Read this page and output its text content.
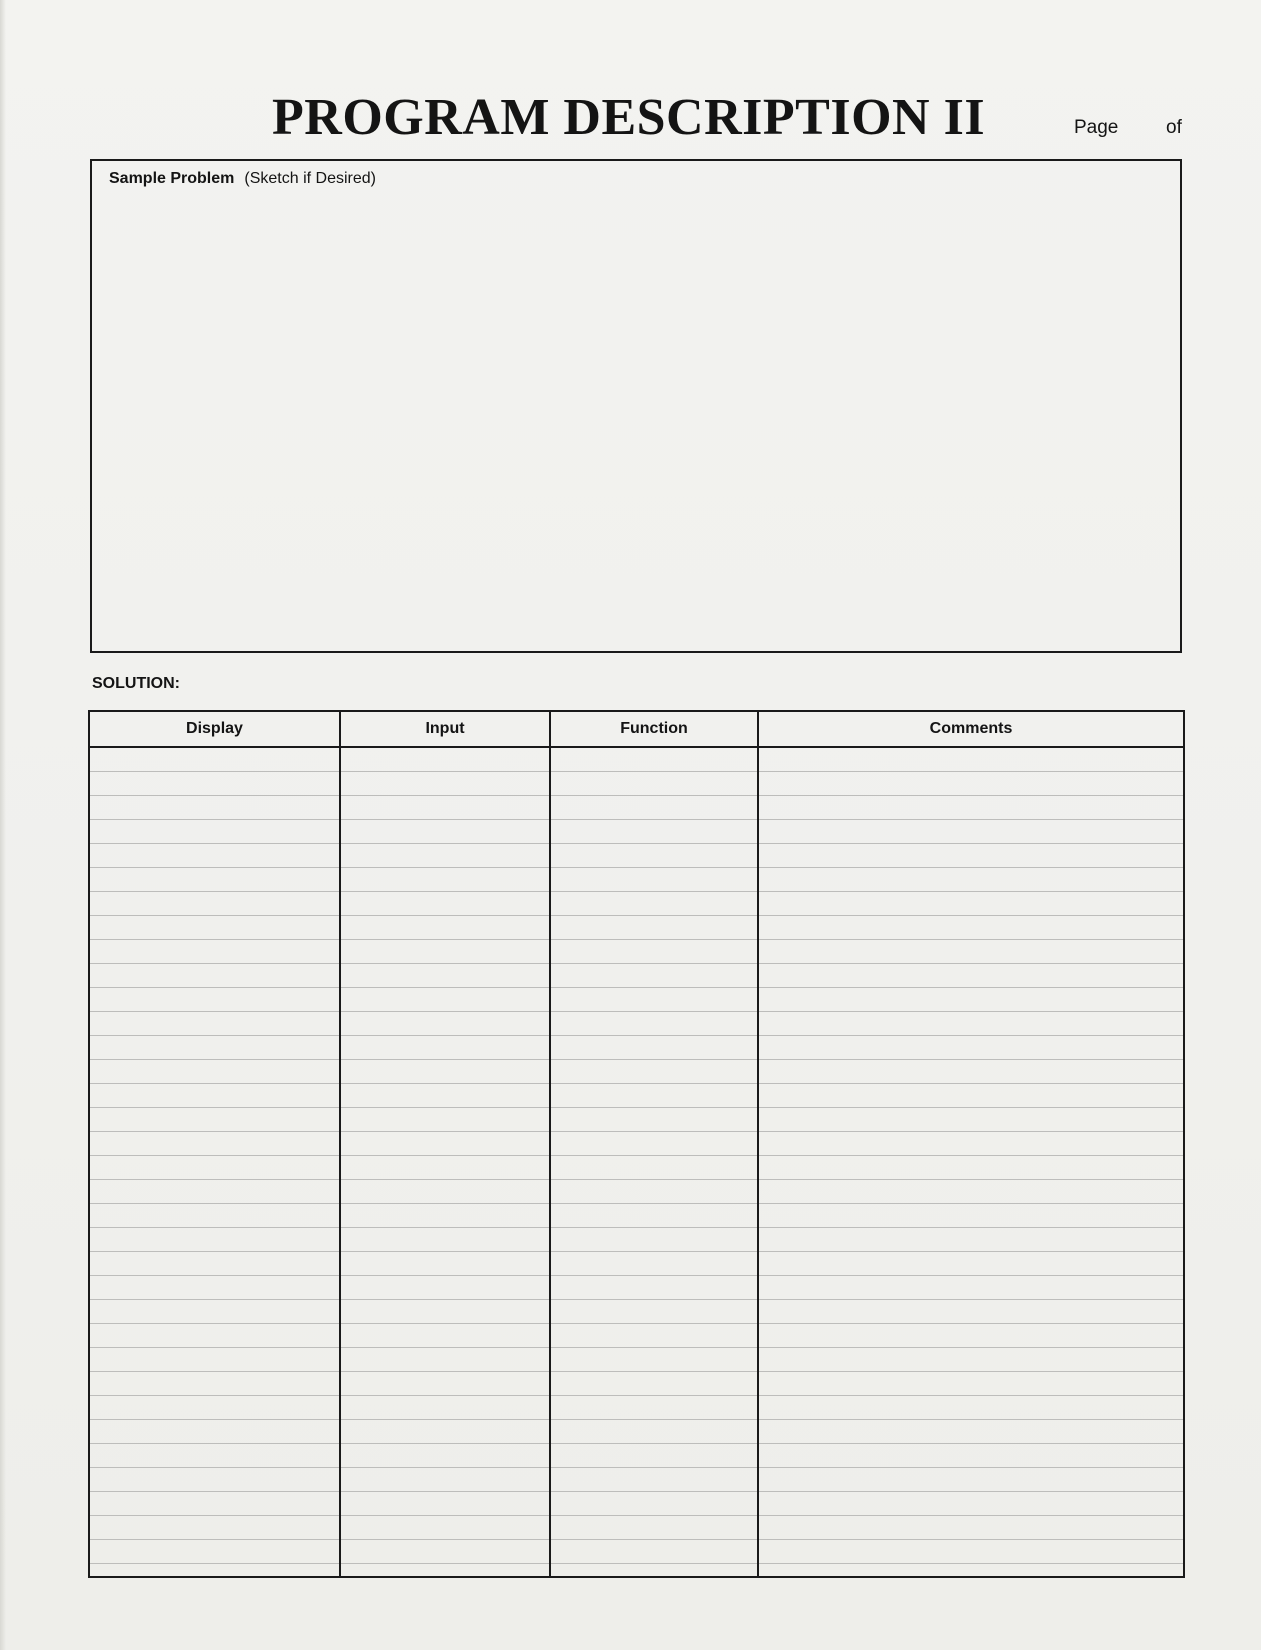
PROGRAM DESCRIPTION II	Page	of
Sample Problem (Sketch if Desired)
SOLUTION:
Display	Input	Function	Comments
